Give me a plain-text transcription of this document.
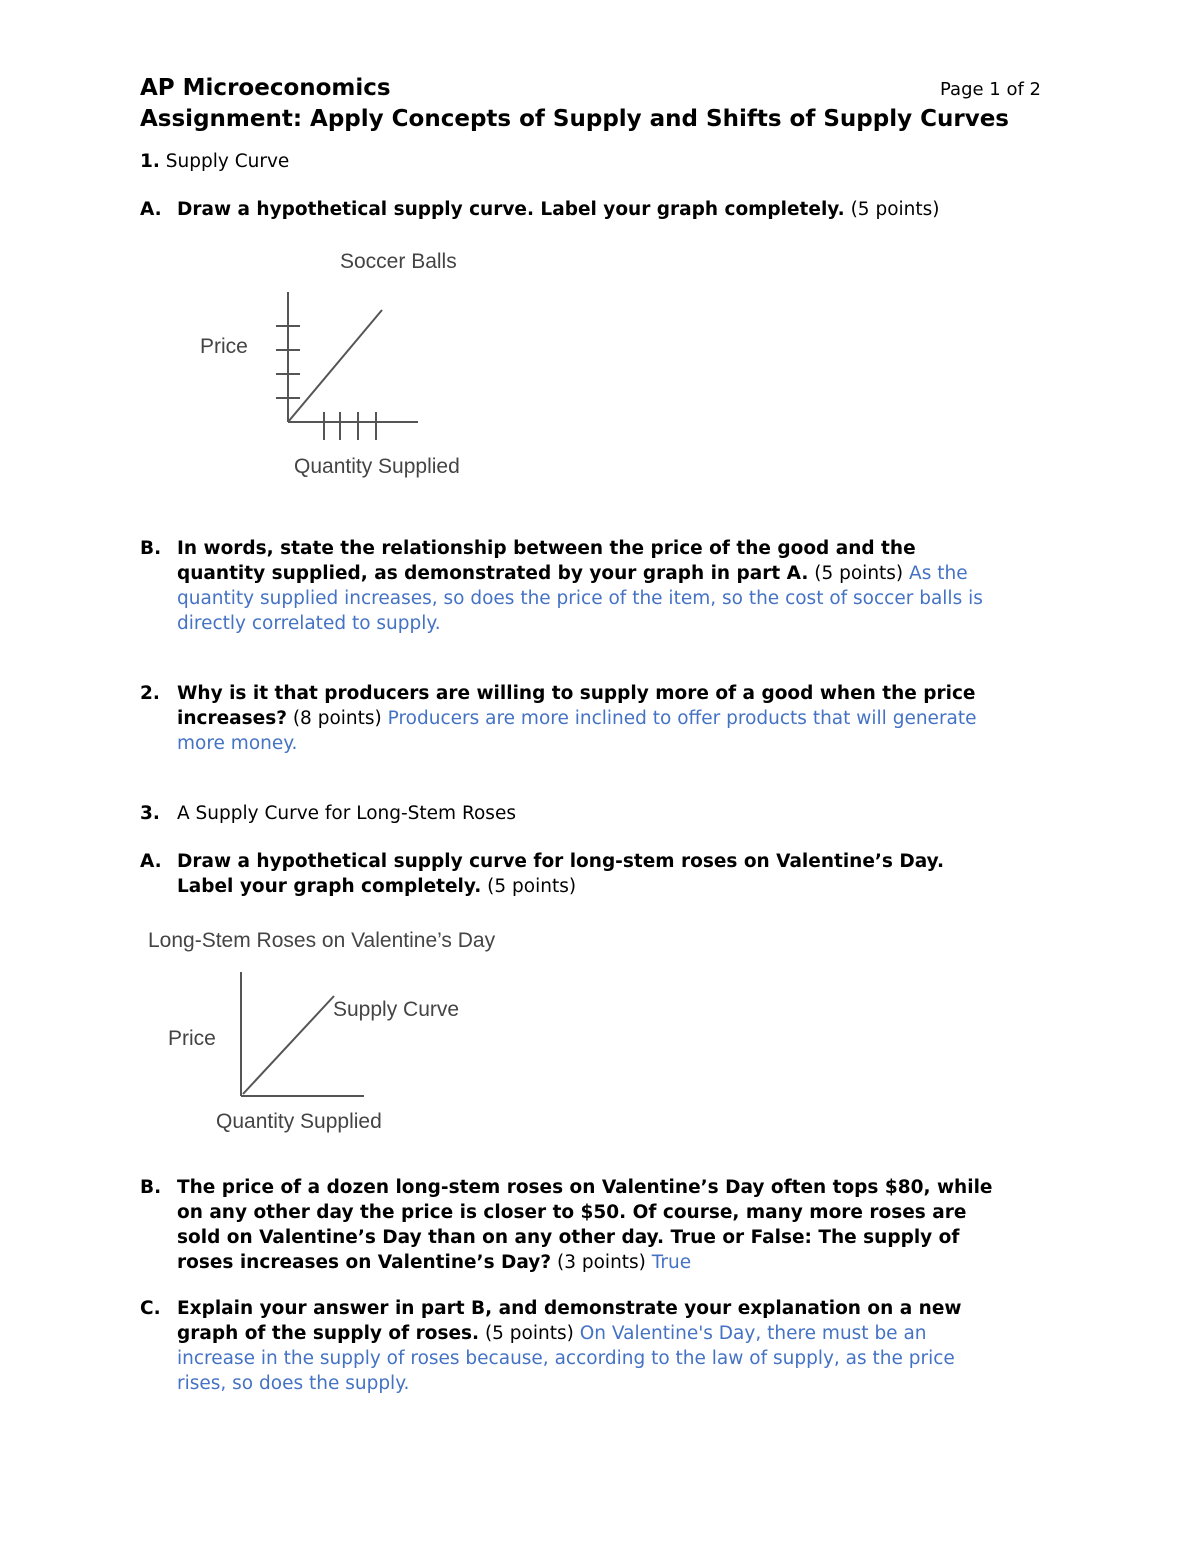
AP Microeconomics	Page 1 of 2
Assignment: Apply Concepts of Supply and Shifts of Supply Curves
1. Supply Curve
A. Draw a hypothetical supply curve. Label your graph completely. (5 points)
Soccer Balls
Price
Quantity Supplied
B. In words, state the relationship between the price of the good and the
quantity supplied, as demonstrated by your graph in part A. (5 points) As the
quantity supplied increases, so does the price of the item, so the cost of soccer balls is
directly correlated to supply.
2. Why is it that producers are willing to supply more of a good when the price
increases? (8 points) Producers are more inclined to offer products that will generate
more money.
3. A Supply Curve for Long-Stem Roses
A. Draw a hypothetical supply curve for long-stem roses on Valentine’s Day.
Label your graph completely. (5 points)
Long-Stem Roses on Valentine’s Day
Price
Supply Curve
Quantity Supplied
B. The price of a dozen long-stem roses on Valentine’s Day often tops $80, while
on any other day the price is closer to $50. Of course, many more roses are
sold on Valentine’s Day than on any other day. True or False: The supply of
roses increases on Valentine’s Day? (3 points) True
C. Explain your answer in part B, and demonstrate your explanation on a new
graph of the supply of roses. (5 points) On Valentine's Day, there must be an
increase in the supply of roses because, according to the law of supply, as the price
rises, so does the supply.
